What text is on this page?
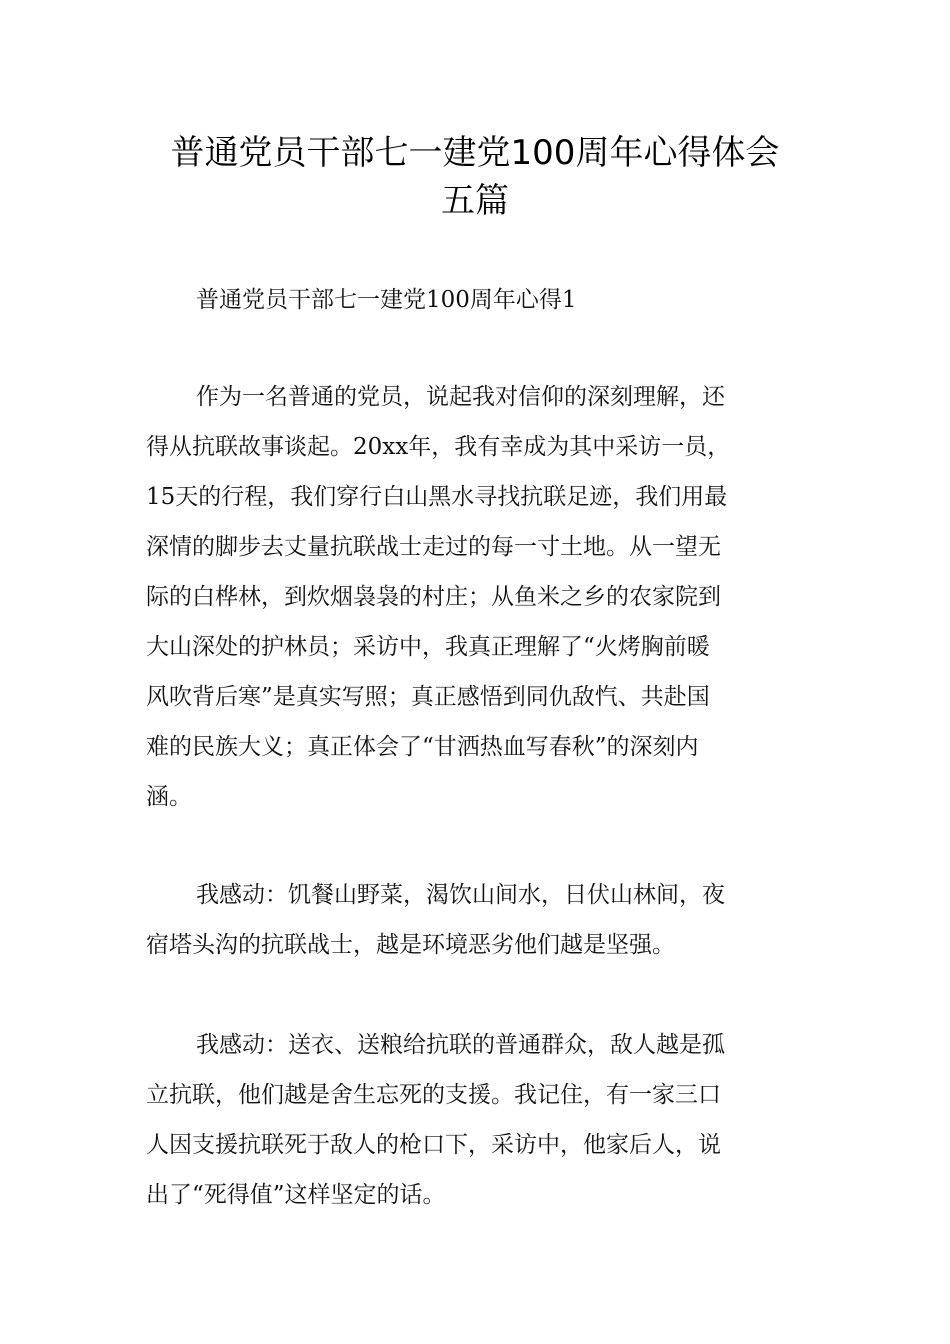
普通党员干部七一建党100周年心得体会
五篇

普通党员干部七一建党100周年心得1

作为一名普通的党员，说起我对信仰的深刻理解，还
得从抗联故事谈起。20xx年，我有幸成为其中采访一员，
15天的行程，我们穿行白山黑水寻找抗联足迹，我们用最
深情的脚步去丈量抗联战士走过的每一寸土地。从一望无
际的白桦林，到炊烟袅袅的村庄；从鱼米之乡的农家院到
大山深处的护林员；采访中，我真正理解了“火烤胸前暖
风吹背后寒”是真实写照；真正感悟到同仇敌忾、共赴国
难的民族大义；真正体会了“甘洒热血写春秋”的深刻内
涵。
我感动：饥餐山野菜，渴饮山间水，日伏山林间，夜
宿塔头沟的抗联战士，越是环境恶劣他们越是坚强。
我感动：送衣、送粮给抗联的普通群众，敌人越是孤
立抗联，他们越是舍生忘死的支援。我记住，有一家三口
人因支援抗联死于敌人的枪口下，采访中，他家后人，说
出了“死得值”这样坚定的话。
